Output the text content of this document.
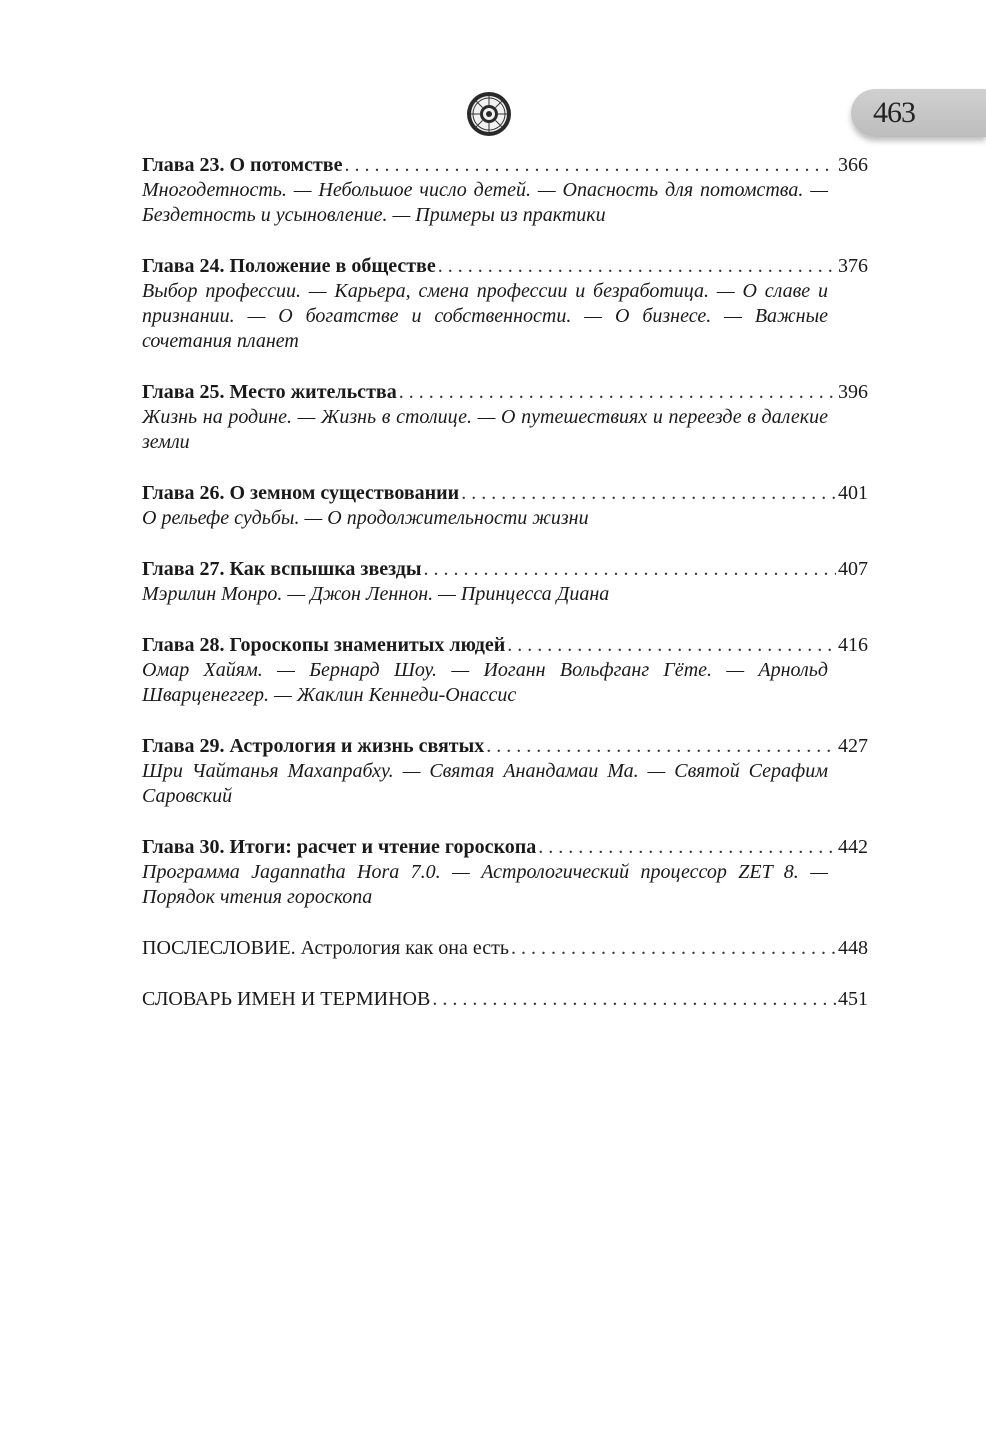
463
Глава 23. О потомстве . . .	366
Многодетность. — Небольшое число детей. — Опасность для потомства. — Бездетность и усыновление. — Примеры из практики
Глава 24. Положение в обществе . . .	376
Выбор профессии. — Карьера, смена профессии и безработица. — О славе и признании. — О богатстве и собственности. — О бизнесе. — Важные сочетания планет
Глава 25. Место жительства . . .	396
Жизнь на родине. — Жизнь в столице. — О путешествиях и переезде в далекие земли
Глава 26. О земном существовании . . .	401
О рельефе судьбы. — О продолжительности жизни
Глава 27. Как вспышка звезды . . .	407
Мэрилин Монро. — Джон Леннон. — Принцесса Диана
Глава 28. Гороскопы знаменитых людей . . .	416
Омар Хайям. — Бернард Шоу. — Иоганн Вольфганг Гёте. — Арнольд Шварценеггер. — Жаклин Кеннеди-Онассис
Глава 29. Астрология и жизнь святых . . .	427
Шри Чайтанья Махапрабху. — Святая Анандамаи Ма. — Святой Серафим Саровский
Глава 30. Итоги: расчет и чтение гороскопа . . .	442
Программа Jagannatha Hora 7.0. — Астрологический процессор ZET 8. — Порядок чтения гороскопа
ПОСЛЕСЛОВИЕ. Астрология как она есть . . .	448
СЛОВАРЬ ИМЕН И ТЕРМИНОВ . . .	451
